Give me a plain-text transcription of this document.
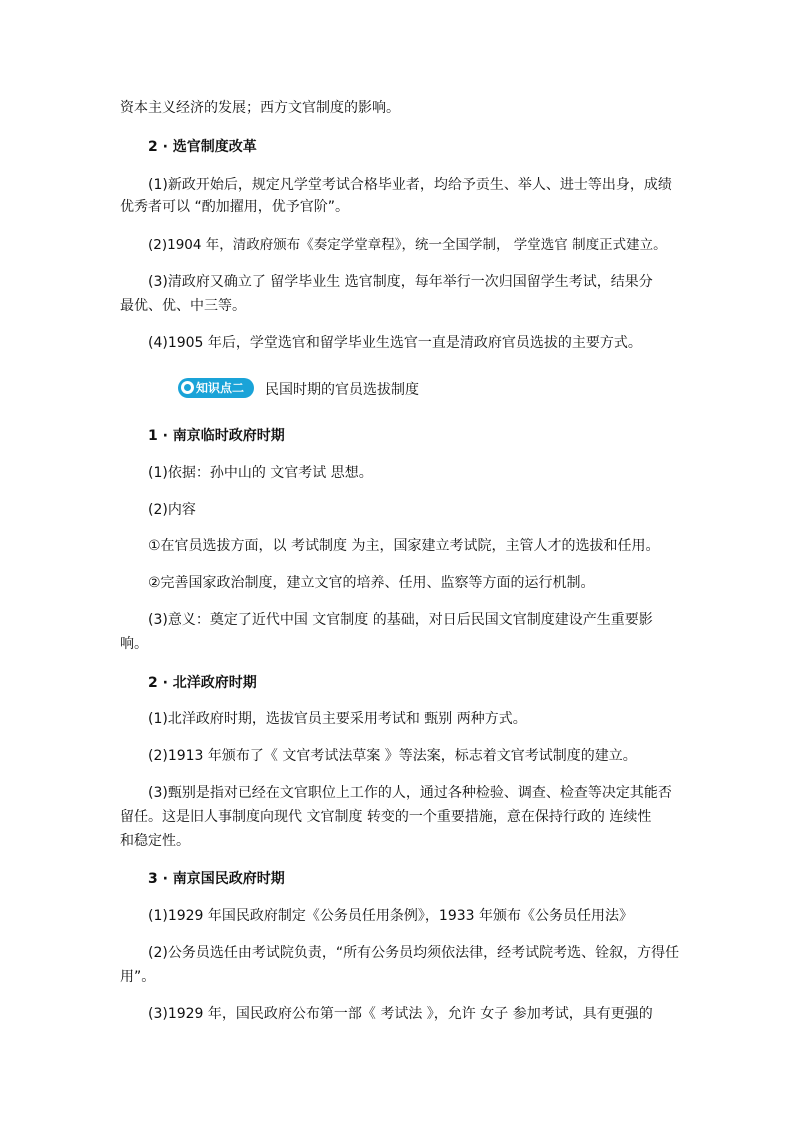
资本主义经济的发展；西方文官制度的影响。
2 · 选官制度改革
(1)新政开始后，规定凡学堂考试合格毕业者，均给予贡生、举人、进士等出身，成绩
优秀者可以 “酌加擢用，优予官阶”。
(2)1904 年，清政府颁布《奏定学堂章程》，统一全国学制， 学堂选官 制度正式建立。
(3)清政府又确立了 留学毕业生 选官制度，每年举行一次归国留学生考试，结果分
最优、优、中三等。
(4)1905 年后，学堂选官和留学毕业生选官一直是清政府官员选拔的主要方式。
知识点二	民国时期的官员选拔制度
1 · 南京临时政府时期
(1)依据：孙中山的 文官考试 思想。
(2)内容
①在官员选拔方面，以 考试制度 为主，国家建立考试院，主管人才的选拔和任用。
②完善国家政治制度，建立文官的培养、任用、监察等方面的运行机制。
(3)意义：奠定了近代中国 文官制度 的基础，对日后民国文官制度建设产生重要影
响。
2 · 北洋政府时期
(1)北洋政府时期，选拔官员主要采用考试和 甄别 两种方式。
(2)1913 年颁布了《 文官考试法草案 》等法案，标志着文官考试制度的建立。
(3)甄别是指对已经在文官职位上工作的人，通过各种检验、调查、检查等决定其能否
留任。这是旧人事制度向现代 文官制度 转变的一个重要措施，意在保持行政的 连续性
和稳定性。
3 · 南京国民政府时期
(1)1929 年国民政府制定《公务员任用条例》，1933 年颁布《公务员任用法》
(2)公务员选任由考试院负责，“所有公务员均须依法律，经考试院考选、铨叙，方得任
用”。
(3)1929 年，国民政府公布第一部《 考试法 》，允许 女子 参加考试，具有更强的
